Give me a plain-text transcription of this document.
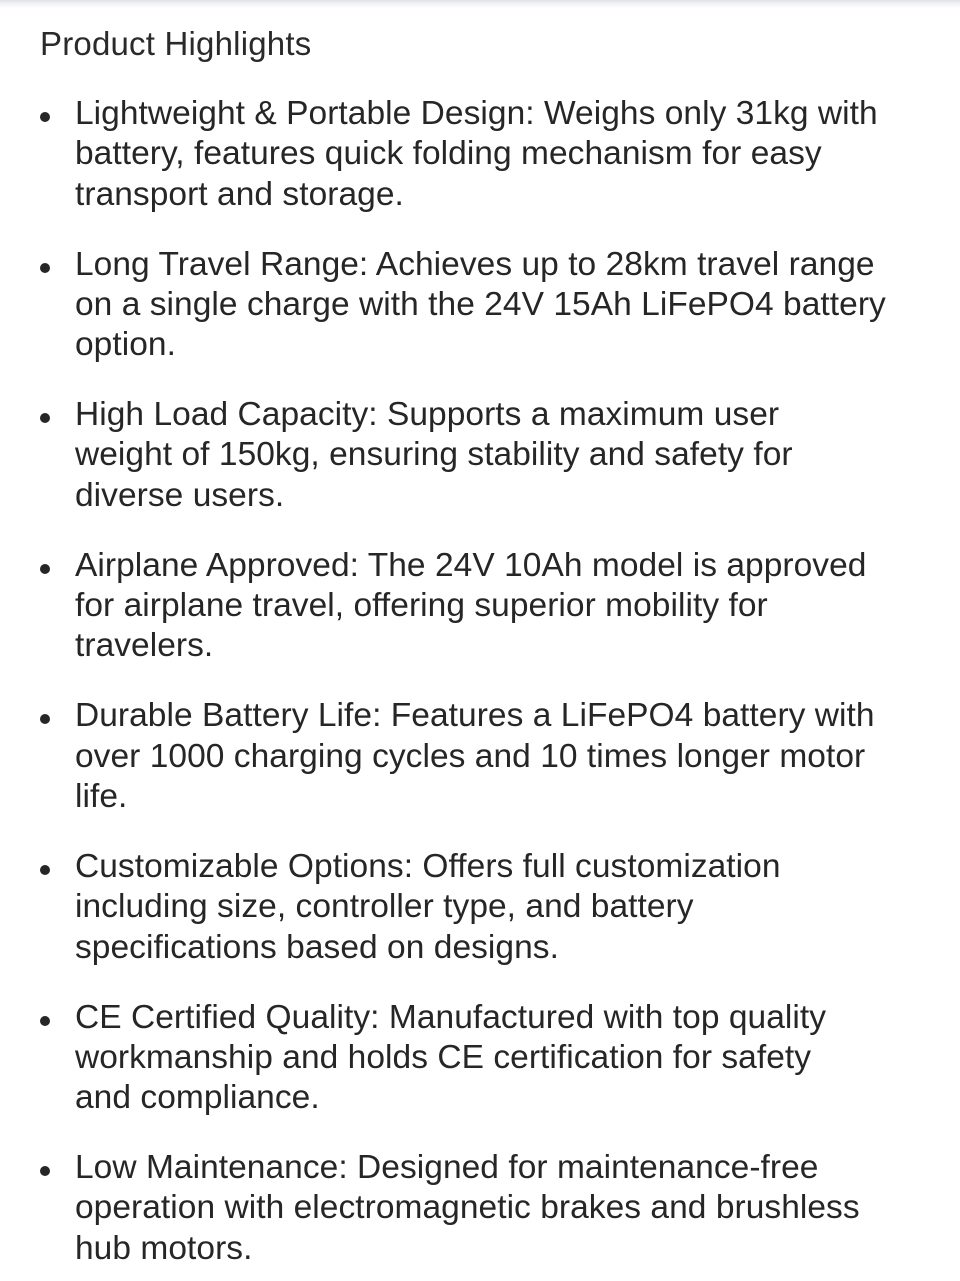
Product Highlights
Lightweight & Portable Design: Weighs only 31kg with
battery, features quick folding mechanism for easy
transport and storage.
Long Travel Range: Achieves up to 28km travel range
on a single charge with the 24V 15Ah LiFePO4 battery
option.
High Load Capacity: Supports a maximum user
weight of 150kg, ensuring stability and safety for
diverse users.
Airplane Approved: The 24V 10Ah model is approved
for airplane travel, offering superior mobility for
travelers.
Durable Battery Life: Features a LiFePO4 battery with
over 1000 charging cycles and 10 times longer motor
life.
Customizable Options: Offers full customization
including size, controller type, and battery
specifications based on designs.
CE Certified Quality: Manufactured with top quality
workmanship and holds CE certification for safety
and compliance.
Low Maintenance: Designed for maintenance-free
operation with electromagnetic brakes and brushless
hub motors.
